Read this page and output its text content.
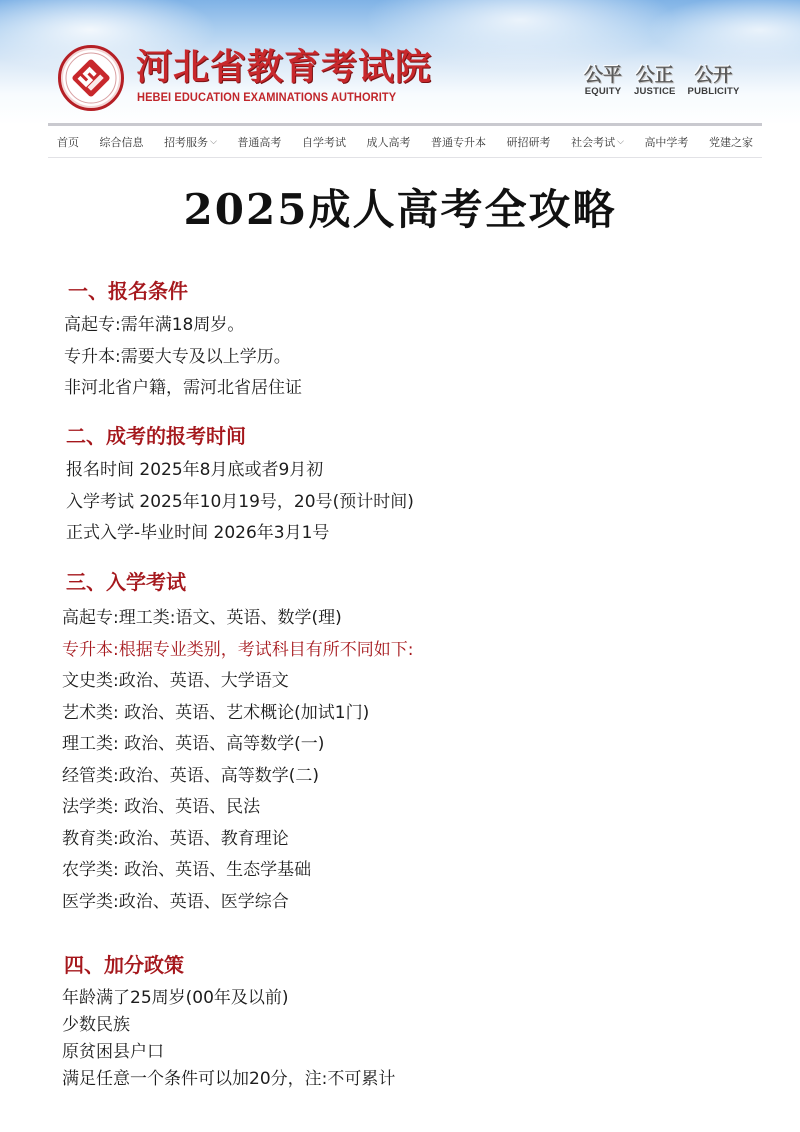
河北省教育考试院
HEBEI EDUCATION EXAMINATIONS AUTHORITY
公平
EQUITY
公正
JUSTICE
公开
PUBLICITY
首页 综合信息 招考服务 ⌵ 普通高考 自学考试 成人高考 普通专升本 研招研考 社会考试 ⌵ 高中学考 党建之家
2025成人高考全攻略
一、报名条件

高起专:需年满18周岁。

专升本:需要大专及以上学历。

非河北省户籍，需河北省居住证

二、成考的报考时间

报名时间 2025年8月底或者9月初

入学考试 2025年10月19号，20号(预计时间)

正式入学-毕业时间 2026年3月1号

三、入学考试

高起专:理工类:语文、英语、数学(理)

专升本:根据专业类别，考试科目有所不同如下:

文史类:政治、英语、大学语文

艺术类: 政治、英语、艺术概论(加试1门)

理工类: 政治、英语、高等数学(一)

经管类:政治、英语、高等数学(二)

法学类: 政治、英语、民法

教育类:政治、英语、教育理论

农学类: 政治、英语、生态学基础

医学类:政治、英语、医学综合

四、加分政策

年龄满了25周岁(00年及以前)

少数民族

原贫困县户口

满足任意一个条件可以加20分，注:不可累计
